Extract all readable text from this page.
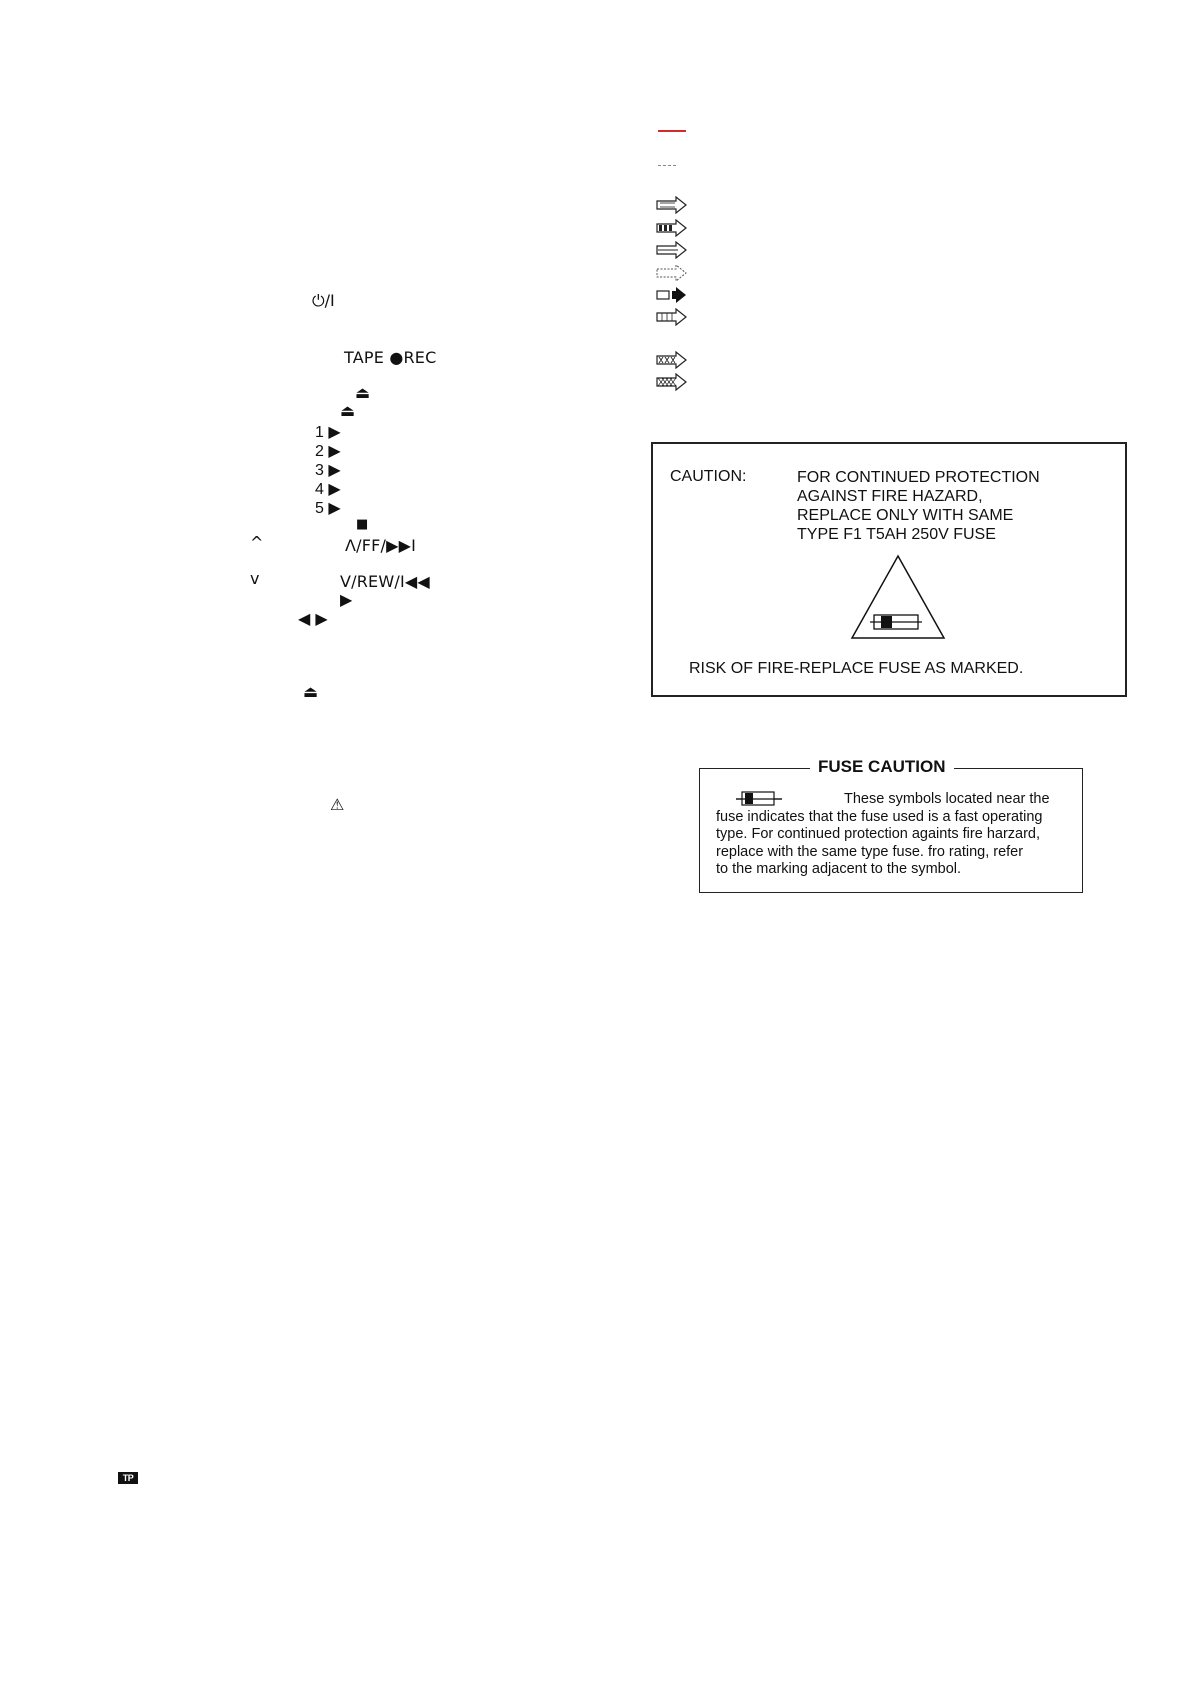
⏻/I
TAPE ●REC
⏏
⏏
1 ▶
2 ▶
3 ▶
4 ▶
5 ▶
■
^	Λ/FF/▶▶I
v	V/REW/I◀◀
▶
◀ ▶
⏏
⚠
CAUTION:	FOR CONTINUED PROTECTION
AGAINST FIRE HAZARD,
REPLACE ONLY WITH SAME
TYPE F1 T5AH 250V FUSE
RISK OF FIRE-REPLACE FUSE AS MARKED.
FUSE CAUTION
These symbols located near the
fuse indicates that the fuse used is a fast operating
type. For continued protection againts fire harzard,
replace with the same type fuse. fro rating, refer
to the marking adjacent to the symbol.
TP
